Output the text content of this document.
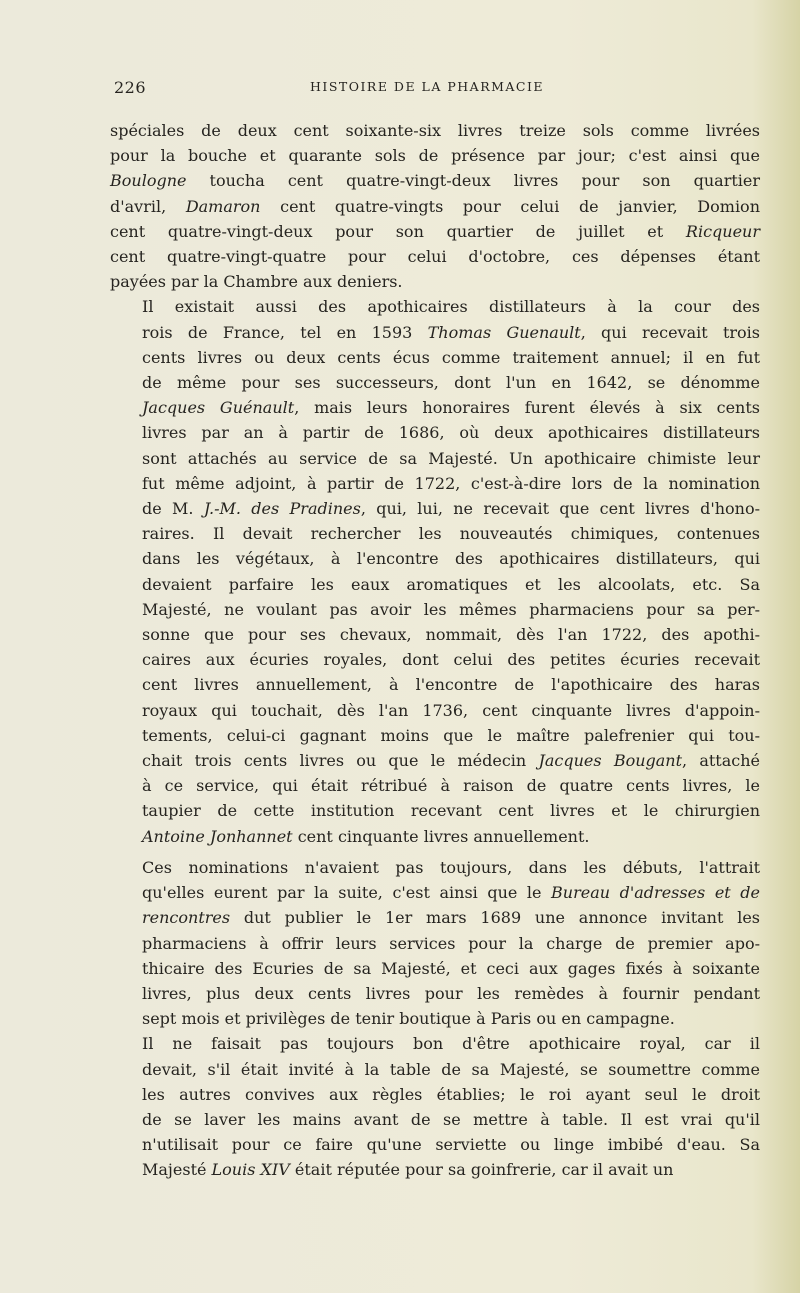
226	HISTOIRE DE LA PHARMACIE
spéciales de deux cent soixante-six livres treize sols comme livrées
pour la bouche et quarante sols de présence par jour; c'est ainsi que
Boulogne toucha cent quatre-vingt-deux livres pour son quartier
d'avril, Damaron cent quatre-vingts pour celui de janvier, Domion
cent quatre-vingt-deux pour son quartier de juillet et Ricqueur
cent quatre-vingt-quatre pour celui d'octobre, ces dépenses étant
payées par la Chambre aux deniers.
Il existait aussi des apothicaires distillateurs à la cour des
rois de France, tel en 1593 Thomas Guenault, qui recevait trois
cents livres ou deux cents écus comme traitement annuel; il en fut
de même pour ses successeurs, dont l'un en 1642, se dénomme
Jacques Guénault, mais leurs honoraires furent élevés à six cents
livres par an à partir de 1686, où deux apothicaires distillateurs
sont attachés au service de sa Majesté. Un apothicaire chimiste leur
fut même adjoint, à partir de 1722, c'est-à-dire lors de la nomination
de M. J.-M. des Pradines, qui, lui, ne recevait que cent livres d'hono-
raires. Il devait rechercher les nouveautés chimiques, contenues
dans les végétaux, à l'encontre des apothicaires distillateurs, qui
devaient parfaire les eaux aromatiques et les alcoolats, etc. Sa
Majesté, ne voulant pas avoir les mêmes pharmaciens pour sa per-
sonne que pour ses chevaux, nommait, dès l'an 1722, des apothi-
caires aux écuries royales, dont celui des petites écuries recevait
cent livres annuellement, à l'encontre de l'apothicaire des haras
royaux qui touchait, dès l'an 1736, cent cinquante livres d'appoin-
tements, celui-ci gagnant moins que le maître palefrenier qui tou-
chait trois cents livres ou que le médecin Jacques Bougant, attaché
à ce service, qui était rétribué à raison de quatre cents livres, le
taupier de cette institution recevant cent livres et le chirurgien
Antoine Jonhannet cent cinquante livres annuellement.
Ces nominations n'avaient pas toujours, dans les débuts, l'attrait
qu'elles eurent par la suite, c'est ainsi que le Bureau d'adresses et de
rencontres dut publier le 1er mars 1689 une annonce invitant les
pharmaciens à offrir leurs services pour la charge de premier apo-
thicaire des Ecuries de sa Majesté, et ceci aux gages fixés à soixante
livres, plus deux cents livres pour les remèdes à fournir pendant
sept mois et privilèges de tenir boutique à Paris ou en campagne.
Il ne faisait pas toujours bon d'être apothicaire royal, car il
devait, s'il était invité à la table de sa Majesté, se soumettre comme
les autres convives aux règles établies; le roi ayant seul le droit
de se laver les mains avant de se mettre à table. Il est vrai qu'il
n'utilisait pour ce faire qu'une serviette ou linge imbibé d'eau. Sa
Majesté Louis XIV était réputée pour sa goinfrerie, car il avait un
